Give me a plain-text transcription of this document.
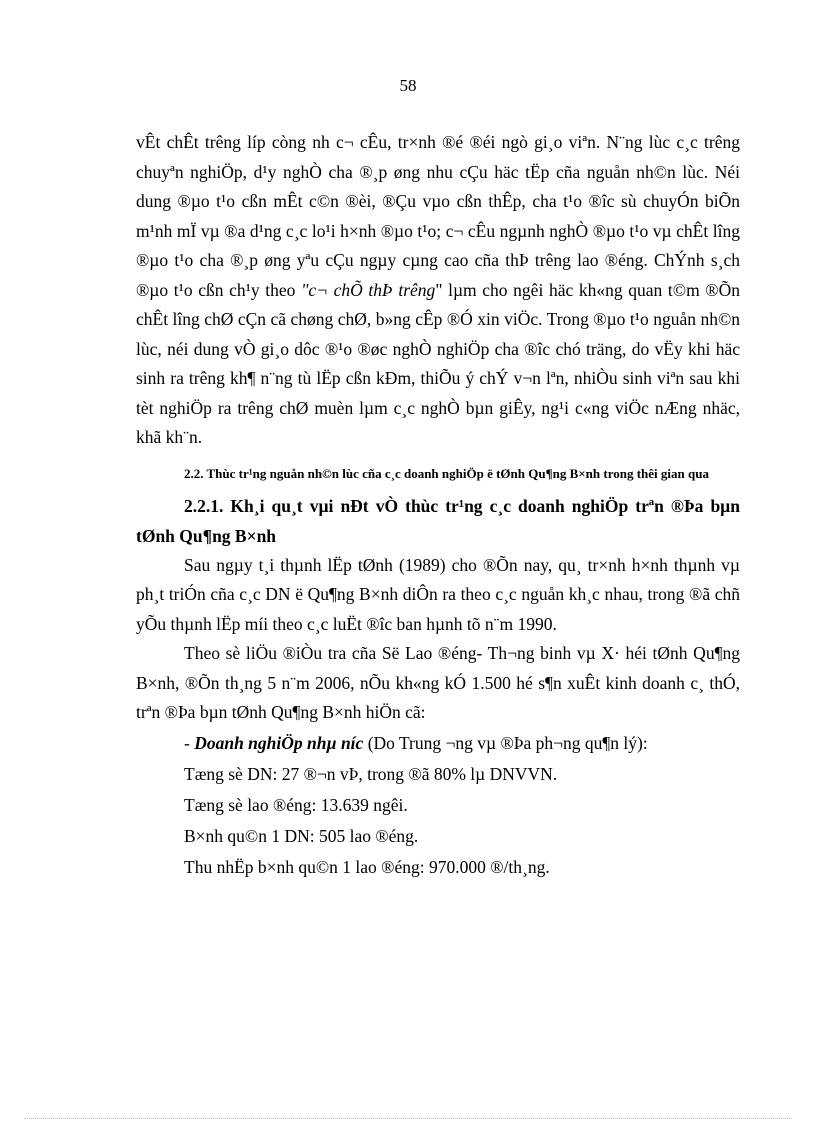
58

vÊt chÊt trêng líp còng nh c¬ cÊu, tr×nh ®é ®éi ngò gi¸o viªn. N¨ng lùc c¸c trêng chuyªn nghiÖp, d¹y nghÒ cha ®¸p øng nhu cÇu häc tËp cña nguån nh©n lùc. Néi dung ®µo t¹o cßn mÊt c©n ®èi, ®Çu vµo cßn thÊp, cha t¹o ®îc sù chuyÓn biÕn m¹nh mÏ vµ ®a d¹ng c¸c lo¹i h×nh ®µo t¹o; c¬ cÊu ngµnh nghÒ ®µo t¹o vµ chÊt lîng ®µo t¹o cha ®¸p øng yªu cÇu ngµy cµng cao cña thÞ trêng lao ®éng. ChÝnh s¸ch ®µo t¹o cßn ch¹y theo "c¬ chÕ thÞ trêng" lµm cho ngêi häc kh«ng quan t©m ®Õn chÊt lîng chØ cÇn cã chøng chØ, b»ng cÊp ®Ó xin viÖc. Trong ®µo t¹o nguån nh©n lùc, néi dung vÒ gi¸o dôc ®¹o ®øc nghÒ nghiÖp cha ®îc chó träng, do vËy khi häc sinh ra trêng kh¶ n¨ng tù lËp cßn kÐm, thiÕu ý chÝ v¬n lªn, nhiÒu sinh viªn sau khi tèt nghiÖp ra trêng chØ muèn lµm c¸c nghÒ bµn giÊy, ng¹i c«ng viÖc nÆng nhäc, khã kh¨n.

2.2. Thùc tr¹ng nguån nh©n lùc cña c¸c doanh nghiÖp ë tØnh Qu¶ng B×nh trong thêi gian qua

2.2.1. Kh¸i qu¸t vµi nÐt vÒ thùc tr¹ng c¸c doanh nghiÖp trªn ®Þa bµn tØnh Qu¶ng B×nh

Sau ngµy t¸i thµnh lËp tØnh (1989) cho ®Õn nay, qu¸ tr×nh h×nh thµnh vµ ph¸t triÓn cña c¸c DN ë Qu¶ng B×nh diÔn ra theo c¸c nguån kh¸c nhau, trong ®ã chñ yÕu thµnh lËp míi theo c¸c luËt ®îc ban hµnh tõ n¨m 1990.

Theo sè liÖu ®iÒu tra cña Së Lao ®éng- Th¬ng binh vµ X· héi tØnh Qu¶ng B×nh, ®Õn th¸ng 5 n¨m 2006, nÕu kh«ng kÓ 1.500 hé s¶n xuÊt kinh doanh c¸ thÓ, trªn ®Þa bµn tØnh Qu¶ng B×nh hiÖn cã:

- Doanh nghiÖp nhµ níc (Do Trung ¬ng vµ ®Þa ph¬ng qu¶n lý):

Tæng sè DN: 27 ®¬n vÞ, trong ®ã 80% lµ DNVVN.

Tæng sè lao ®éng: 13.639 ngêi.

B×nh qu©n 1 DN: 505 lao ®éng.

Thu nhËp b×nh qu©n 1 lao ®éng: 970.000 ®/th¸ng.
